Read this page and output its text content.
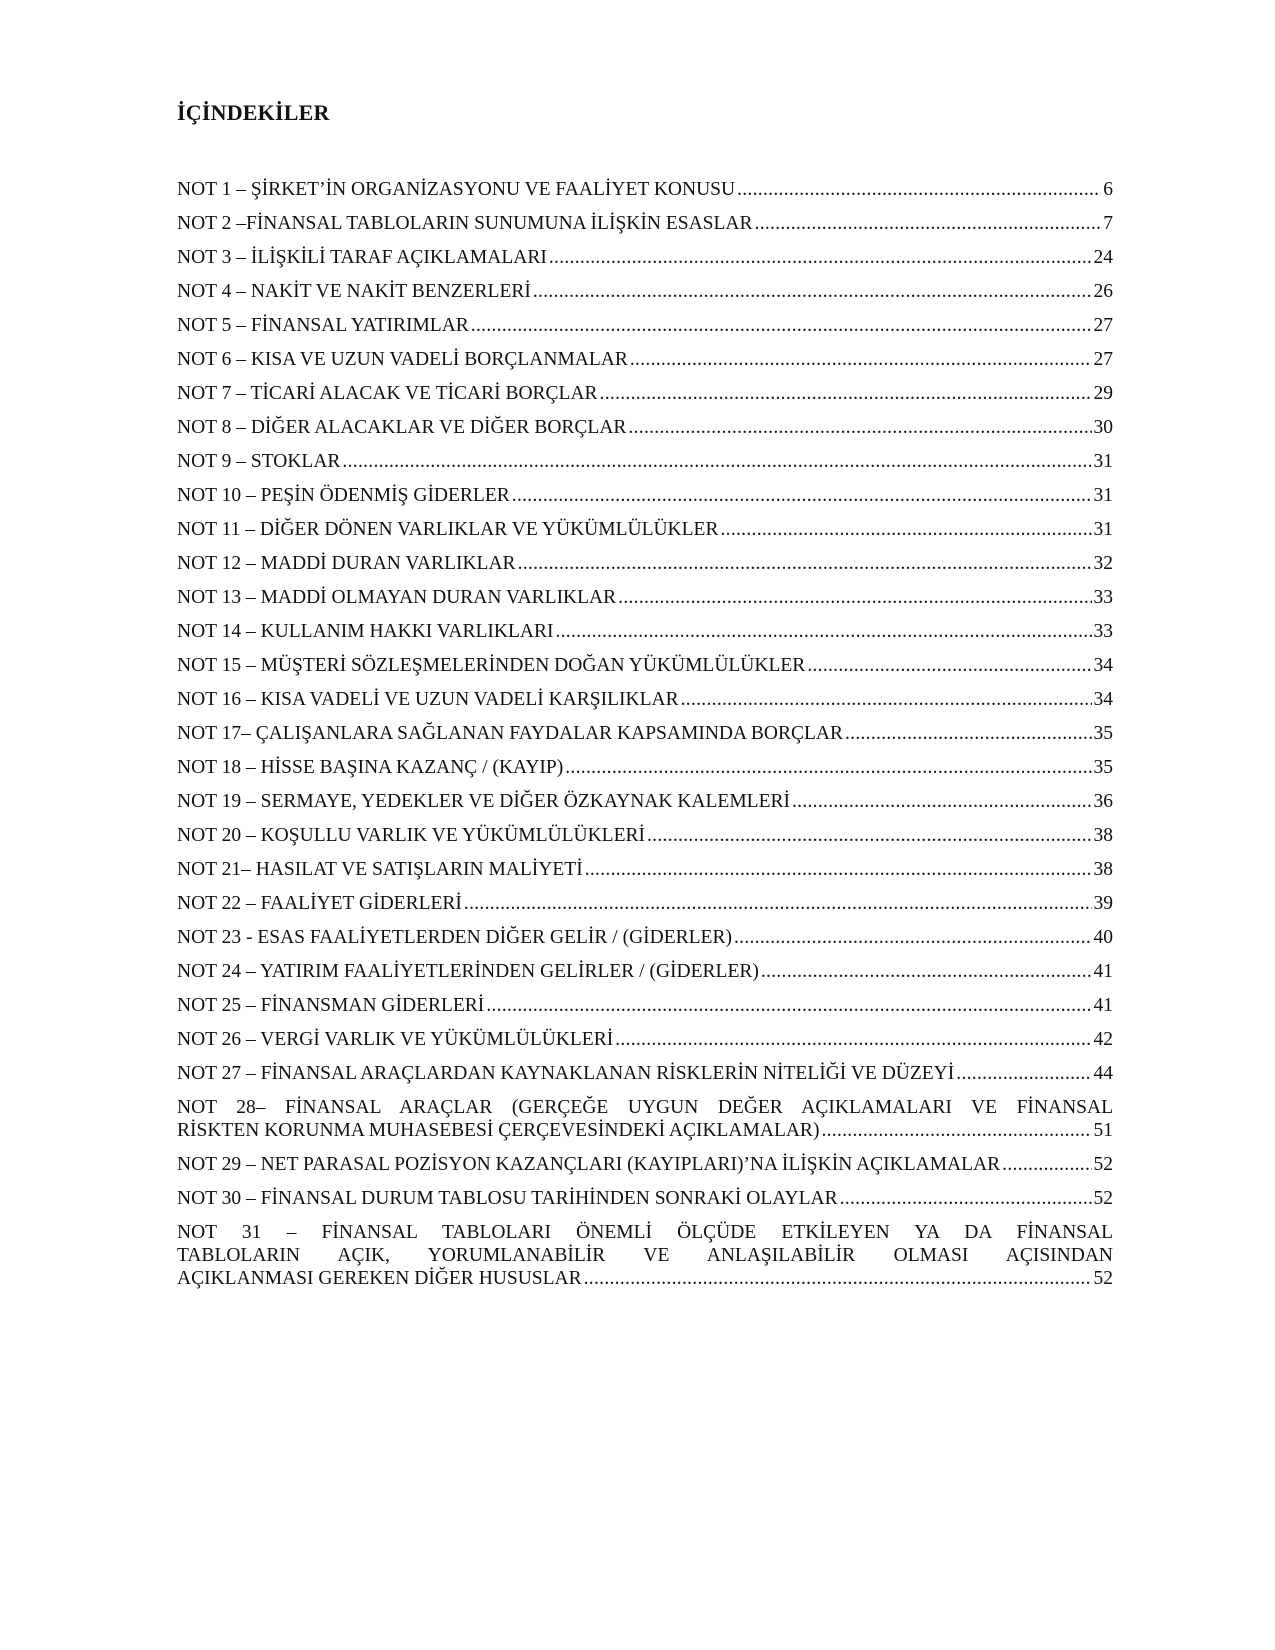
İÇİNDEKİLER
NOT 1 – ŞİRKET’İN ORGANİZASYONU VE FAALİYET KONUSU .....	6
NOT 2 –FİNANSAL TABLOLARIN SUNUMUNA İLİŞKİN ESASLAR .....	7
NOT 3 – İLİŞKİLİ TARAF AÇIKLAMALARI .....	24
NOT 4 – NAKİT VE NAKİT BENZERLERİ .....	26
NOT 5 – FİNANSAL YATIRIMLAR .....	27
NOT 6 – KISA VE UZUN VADELİ BORÇLANMALAR .....	27
NOT 7 – TİCARİ ALACAK VE TİCARİ BORÇLAR .....	29
NOT 8 – DİĞER ALACAKLAR VE DİĞER BORÇLAR .....	30
NOT 9 – STOKLAR .....	31
NOT 10 – PEŞİN ÖDENMİŞ GİDERLER .....	31
NOT 11 – DİĞER DÖNEN VARLIKLAR VE YÜKÜMLÜLÜKLER .....	31
NOT 12 – MADDİ DURAN VARLIKLAR .....	32
NOT 13 – MADDİ OLMAYAN DURAN VARLIKLAR .....	33
NOT 14 – KULLANIM HAKKI VARLIKLARI .....	33
NOT 15 – MÜŞTERİ SÖZLEŞMELERİNDEN DOĞAN YÜKÜMLÜLÜKLER .....	34
NOT 16 – KISA VADELİ VE UZUN VADELİ KARŞILIKLAR .....	34
NOT 17– ÇALIŞANLARA SAĞLANAN FAYDALAR KAPSAMINDA BORÇLAR .....	35
NOT 18 – HİSSE BAŞINA KAZANÇ / (KAYIP) .....	35
NOT 19 – SERMAYE, YEDEKLER VE DİĞER ÖZKAYNAK KALEMLERİ .....	36
NOT 20 – KOŞULLU VARLIK VE YÜKÜMLÜLÜKLERİ .....	38
NOT 21– HASILAT VE SATIŞLARIN MALİYETİ .....	38
NOT 22 – FAALİYET GİDERLERİ .....	39
NOT 23 - ESAS FAALİYETLERDEN DİĞER GELİR / (GİDERLER) .....	40
NOT 24 – YATIRIM FAALİYETLERİNDEN GELİRLER / (GİDERLER) .....	41
NOT 25 – FİNANSMAN GİDERLERİ .....	41
NOT 26 – VERGİ VARLIK VE YÜKÜMLÜLÜKLERİ .....	42
NOT 27 – FİNANSAL ARAÇLARDAN KAYNAKLANAN RİSKLERİN NİTELİĞİ VE DÜZEYİ .....	44
NOT 28– FİNANSAL ARAÇLAR (GERÇEĞE UYGUN DEĞER AÇIKLAMALARI VE FİNANSAL
RİSKTEN KORUNMA MUHASEBESİ ÇERÇEVESİNDEKİ AÇIKLAMALAR) .....	51
NOT 29 – NET PARASAL POZİSYON KAZANÇLARI (KAYIPLARI)’NA İLİŞKİN AÇIKLAMALAR .....	52
NOT 30 – FİNANSAL DURUM TABLOSU TARİHİNDEN SONRAKİ OLAYLAR .....	52
NOT 31 – FİNANSAL TABLOLARI ÖNEMLİ ÖLÇÜDE ETKİLEYEN YA DA FİNANSAL
TABLOLARIN AÇIK, YORUMLANABİLİR VE ANLAŞILABİLİR OLMASI AÇISINDAN
AÇIKLANMASI GEREKEN DİĞER HUSUSLAR .....	52
